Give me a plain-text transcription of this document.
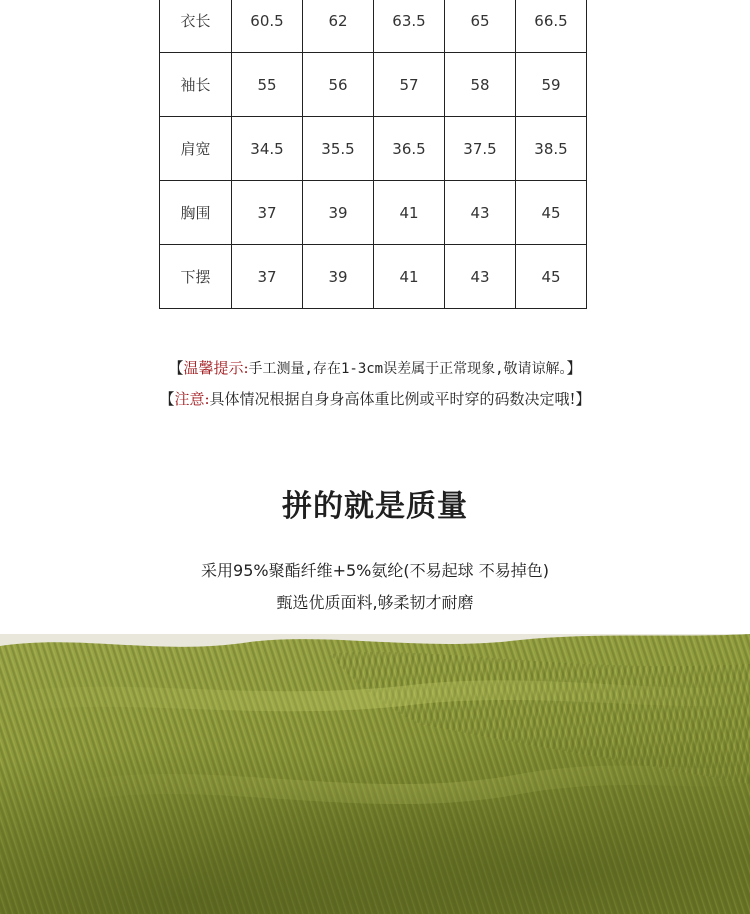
衣长	60.5	62	63.5	65	66.5
袖长	55	56	57	58	59
肩宽	34.5	35.5	36.5	37.5	38.5
胸围	37	39	41	43	45
下摆	37	39	41	43	45
【温馨提示:手工测量,存在1-3cm误差属于正常现象,敬请谅解。】
【注意:具体情况根据自身身高体重比例或平时穿的码数决定哦!】
拼的就是质量
采用95%聚酯纤维+5%氨纶(不易起球 不易掉色)
甄选优质面料,够柔韧才耐磨
